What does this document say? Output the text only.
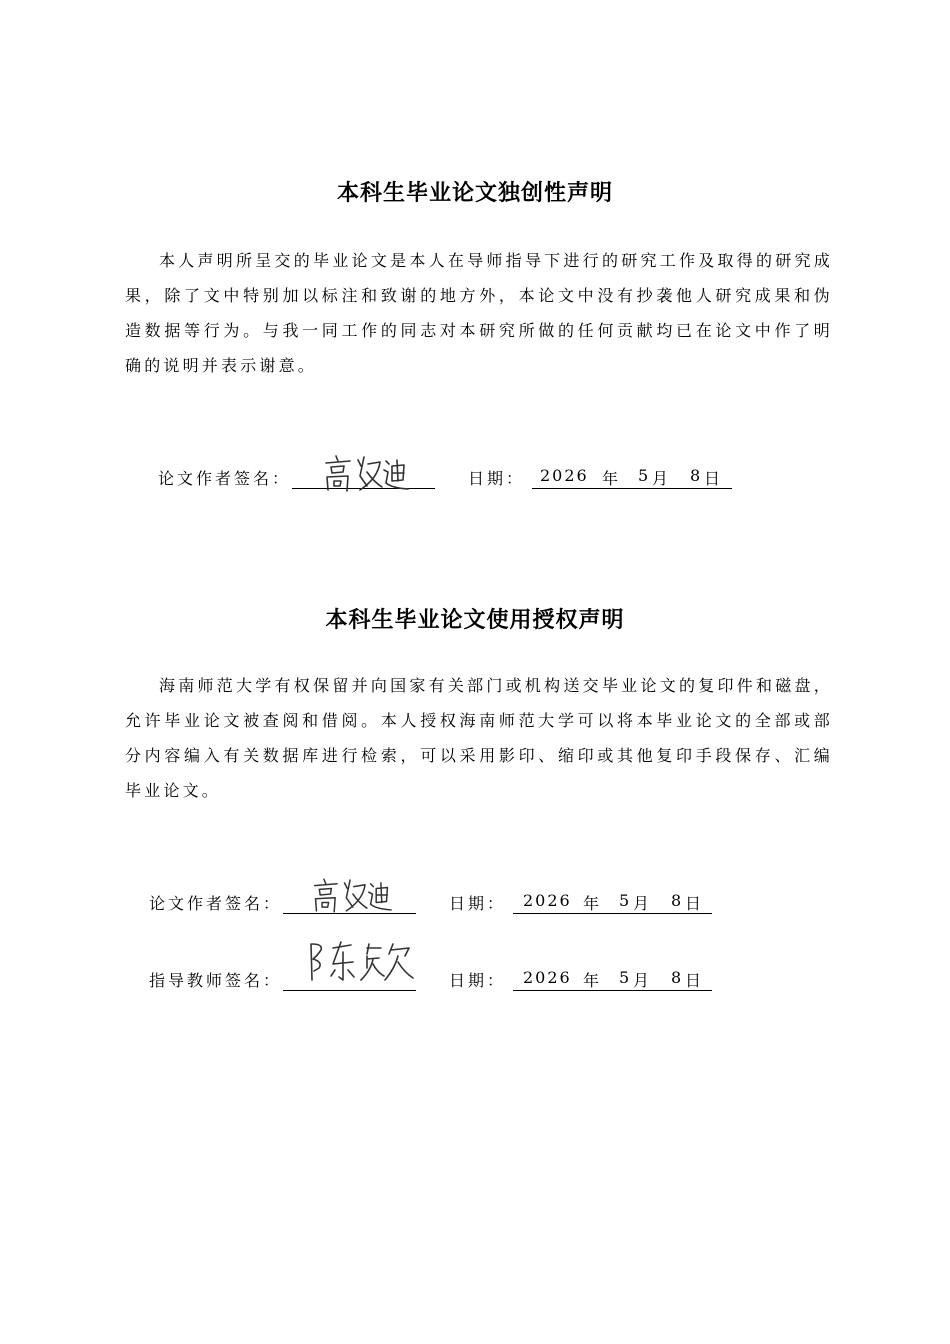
本科生毕业论文独创性声明

本人声明所呈交的毕业论文是本人在导师指导下进行的研究工作及取得的研究成果，除了文中特别加以标注和致谢的地方外，本论文中没有抄袭他人研究成果和伪造数据等行为。与我一同工作的同志对本研究所做的任何贡献均已在论文中作了明确的说明并表示谢意。

论文作者签名：	日期： 2026 年 5 月 8 日
本科生毕业论文使用授权声明

海南师范大学有权保留并向国家有关部门或机构送交毕业论文的复印件和磁盘，允许毕业论文被查阅和借阅。本人授权海南师范大学可以将本毕业论文的全部或部分内容编入有关数据库进行检索，可以采用影印、缩印或其他复印手段保存、汇编毕业论文。

论文作者签名：	日期： 2026 年 5 月 8 日
指导教师签名：	日期： 2026 年 5 月 8 日
